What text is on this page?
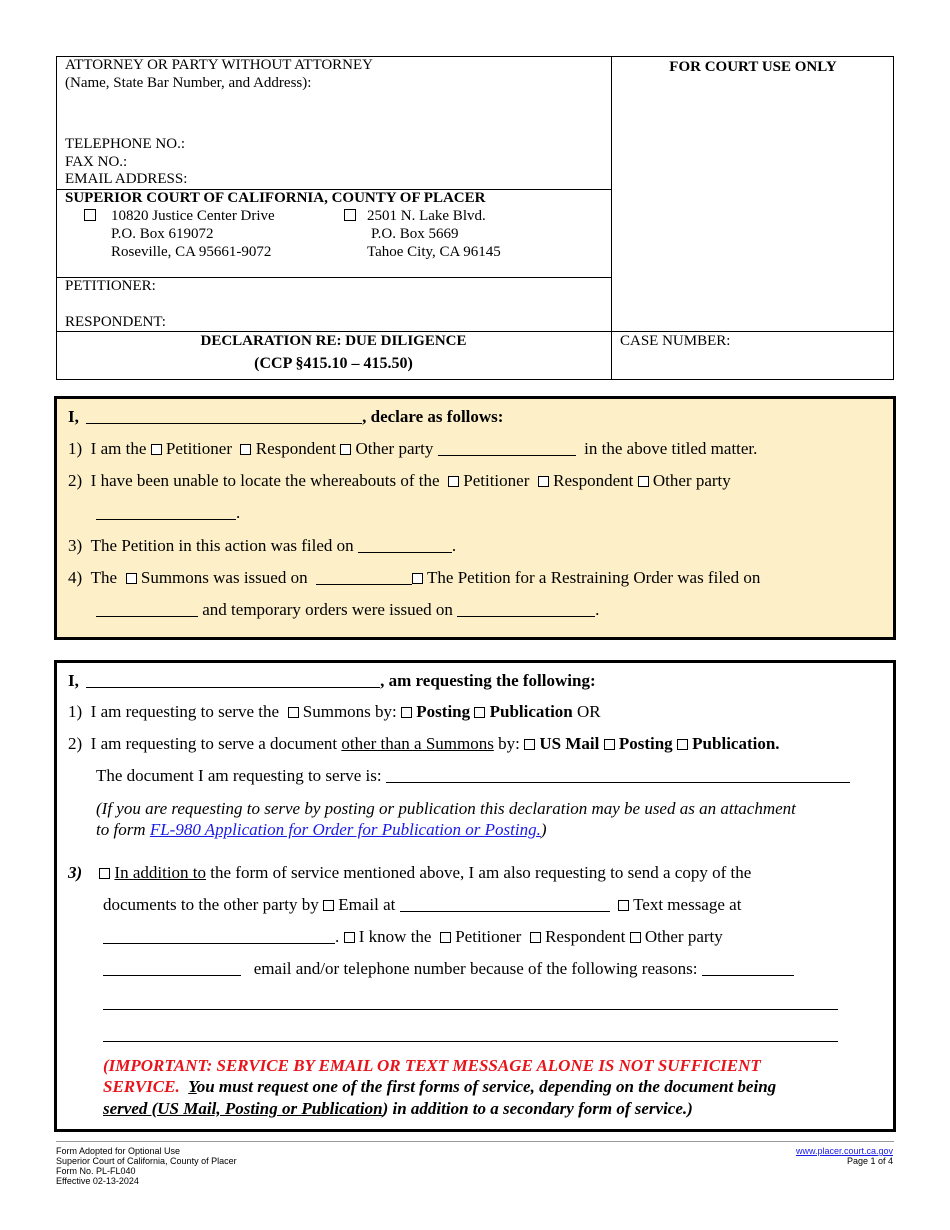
ATTORNEY OR PARTY WITHOUT ATTORNEY
(Name, State Bar Number, and Address):
TELEPHONE NO.:
FAX NO.:
EMAIL ADDRESS:
FOR COURT USE ONLY
SUPERIOR COURT OF CALIFORNIA, COUNTY OF PLACER
10820 Justice Center Drive
P.O. Box 619072
Roseville, CA 95661-9072
2501 N. Lake Blvd.
P.O. Box 5669
Tahoe City, CA 96145
PETITIONER:
RESPONDENT:
DECLARATION RE: DUE DILIGENCE
(CCP §415.10 – 415.50)
CASE NUMBER:
I,	, declare as follows:
1) I am the Petitioner Respondent Other party	in the above titled matter.
2) I have been unable to locate the whereabouts of the Petitioner Respondent Other party
.
3) The Petition in this action was filed on	.
4) The Summons was issued on	The Petition for a Restraining Order was filed on
and temporary orders were issued on	.
I,	, am requesting the following:
1) I am requesting to serve the Summons by: Posting Publication OR
2) I am requesting to serve a document other than a Summons by: US Mail Posting Publication.
The document I am requesting to serve is:
(If you are requesting to serve by posting or publication this declaration may be used as an attachment
to form FL-980 Application for Order for Publication or Posting.)
3) In addition to the form of service mentioned above, I am also requesting to send a copy of the
documents to the other party by Email at	Text message at
. I know the Petitioner Respondent Other party
email and/or telephone number because of the following reasons:
(IMPORTANT: SERVICE BY EMAIL OR TEXT MESSAGE ALONE IS NOT SUFFICIENT
SERVICE. You must request one of the first forms of service, depending on the document being
served (US Mail, Posting or Publication) in addition to a secondary form of service.)
Form Adopted for Optional Use
Superior Court of California, County of Placer
Form No. PL-FL040
Effective 02-13-2024
www.placer.court.ca.gov
Page 1 of 4
